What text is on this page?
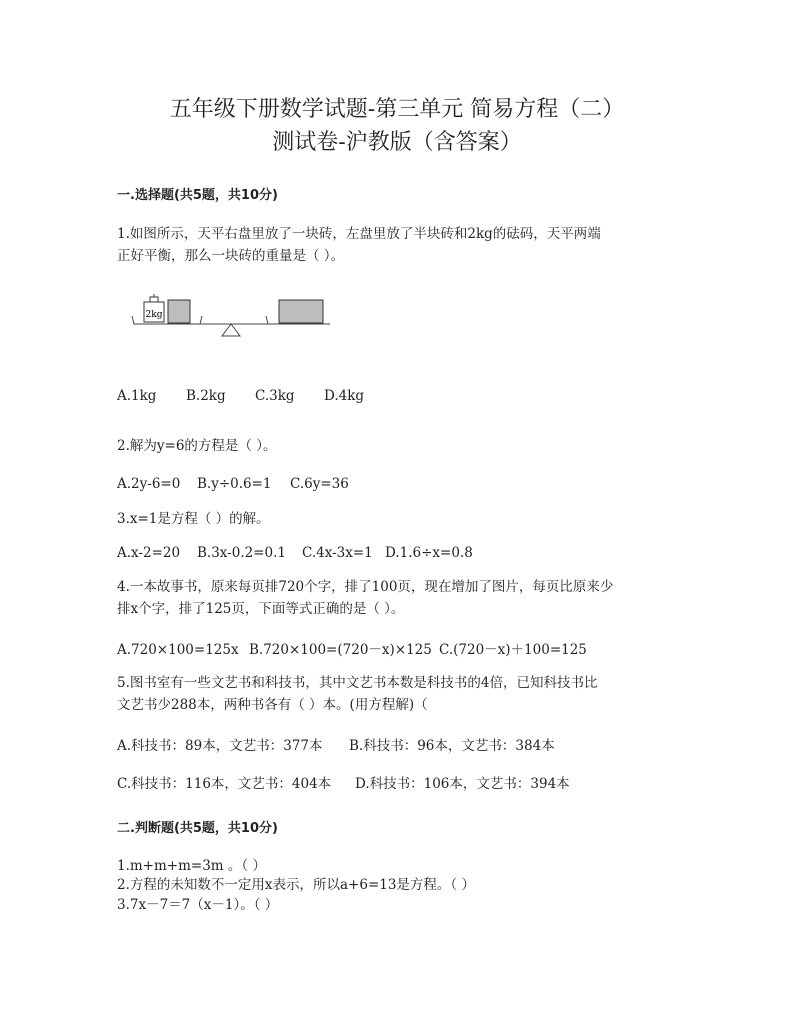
五年级下册数学试题-第三单元 简易方程（二）
测试卷-沪教版（含答案）
一.选择题(共5题，共10分)
1.如图所示，天平右盘里放了一块砖，左盘里放了半块砖和2kg的砝码，天平两端
正好平衡，那么一块砖的重量是（ ）。
2kg
A.1kg B.2kg C.3kg D.4kg
2.解为y=6的方程是（ ）。
A.2y-6=0 B.y÷0.6=1 C.6y=36
3.x=1是方程（ ）的解。
A.x-2=20 B.3x-0.2=0.1 C.4x-3x=1 D.1.6÷x=0.8
4.一本故事书，原来每页排720个字，排了100页，现在增加了图片，每页比原来少
排x个字，排了125页，下面等式正确的是（ ）。
A.720×100=125x B.720×100=(720－x)×125 C.(720－x)＋100=125
5.图书室有一些文艺书和科技书，其中文艺书本数是科技书的4倍，已知科技书比
文艺书少288本，两种书各有（ ）本。(用方程解)（
A.科技书：89本，文艺书：377本 B.科技书：96本，文艺书：384本
C.科技书：116本，文艺书：404本 D.科技书：106本，文艺书：394本
二.判断题(共5题，共10分)
1.m+m+m=3m 。（ ）
2.方程的未知数不一定用x表示，所以a+6=13是方程。（ ）
3.7x－7＝7（x－1）。（ ）
